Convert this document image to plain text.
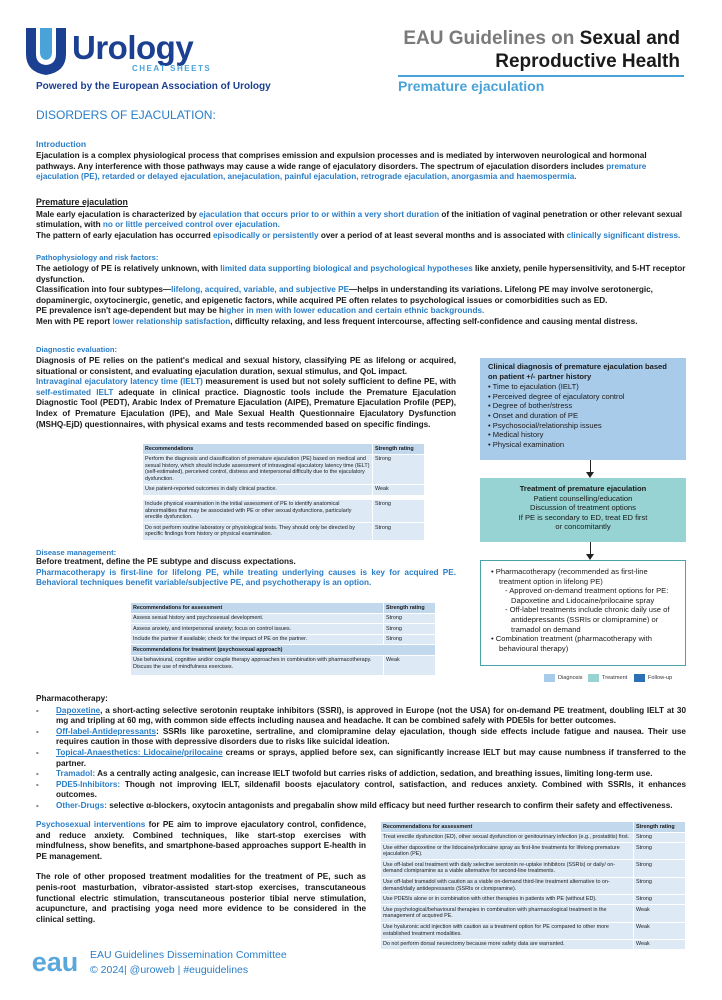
Urology
CHEAT SHEETS
Powered by the European Association of Urology
EAU Guidelines on Sexual and
Reproductive Health
Premature ejaculation
DISORDERS OF EJACULATION:
Introduction

Ejaculation is a complex physiological process that comprises emission and expulsion processes and is mediated by interwoven neurological and hormonal pathways. Any interference with those pathways may cause a wide range of ejaculatory disorders. The spectrum of ejaculation disorders includes premature ejaculation (PE), retarded or delayed ejaculation, anejaculation, painful ejaculation, retrograde ejaculation, anorgasmia and haemospermia.

Premature ejaculation

Male early ejaculation is characterized by ejaculation that occurs prior to or within a very short duration of the initiation of vaginal penetration or other relevant sexual stimulation, with no or little perceived control over ejaculation.

The pattern of early ejaculation has occurred episodically or persistently over a period of at least several months and is associated with clinically significant distress.

Pathophysiology and risk factors:

The aetiology of PE is relatively unknown, with limited data supporting biological and psychological hypotheses like anxiety, penile hypersensitivity, and 5-HT receptor dysfunction.

Classification into four subtypes—lifelong, acquired, variable, and subjective PE—helps in understanding its variations. Lifelong PE may involve serotonergic, dopaminergic, oxytocinergic, genetic, and epigenetic factors, while acquired PE often relates to psychological issues or comorbidities such as ED.

PE prevalence isn't age-dependent but may be higher in men with lower education and certain ethnic backgrounds.

Men with PE report lower relationship satisfaction, difficulty relaxing, and less frequent intercourse, affecting self-confidence and causing mental distress.

Diagnostic evaluation:

Diagnosis of PE relies on the patient's medical and sexual history, classifying PE as lifelong or acquired, situational or consistent, and evaluating ejaculation duration, sexual stimulus, and QoL impact.

Intravaginal ejaculatory latency time (IELT) measurement is used but not solely sufficient to define PE, with self-estimated IELT adequate in clinical practice. Diagnostic tools include the Premature Ejaculation Diagnostic Tool (PEDT), Arabic Index of Premature Ejaculation (AIPE), Premature Ejaculation Profile (PEP), Index of Premature Ejaculation (IPE), and Male Sexual Health Questionnaire Ejaculatory Dysfunction (MSHQ-EjD) questionnaires, with physical exams and tests recommended based on specific findings.

Recommendations	Strength rating
Perform the diagnosis and classification of premature ejaculation (PE) based on medical and sexual history, which should include assessment of intravaginal ejaculatory latency time (IELT) (self-estimated), perceived control, distress and interpersonal difficulty due to the ejaculatory dysfunction.	Strong
Use patient-reported outcomes in daily clinical practice.	Weak

Include physical examination in the initial assessment of PE to identify anatomical abnormalities that may be associated with PE or other sexual dysfunctions, particularly erectile dysfunction.	Strong
Do not perform routine laboratory or physiological tests. They should only be directed by specific findings from history or physical examination.	Strong
Disease management:

Before treatment, define the PE subtype and discuss expectations.

Pharmacotherapy is first-line for lifelong PE, while treating underlying causes is key for acquired PE. Behavioral techniques benefit variable/subjective PE, and psychotherapy is an option.

Recommendations for assessment	Strength rating
Assess sexual history and psychosexual development.	Strong
Assess anxiety, and interpersonal anxiety; focus on control issues.	Strong
Include the partner if available; check for the impact of PE on the partner.	Strong
Recommendations for treatment (psychosexual approach)	
Use behavioural, cognitive and/or couple therapy approaches in combination with pharmacotherapy. Discuss the use of mindfulness exercises.	Weak
Clinical diagnosis of premature ejaculation based on patient +/- partner history
• Time to ejaculation (IELT)
• Perceived degree of ejaculatory control
• Degree of bother/stress
• Onset and duration of PE
• Psychosocial/relationship issues
• Medical history
• Physical examination
Treatment of premature ejaculation
Patient counselling/education
Discussion of treatment options
If PE is secondary to ED, treat ED first
or concomitantly
• Pharmacotherapy (recommended as first-line treatment option in lifelong PE)
- Approved on-demand treatment options for PE: Dapoxetine and Lidocaine/prilocaine spray
- Off-label treatments include chronic daily use of antidepressants (SSRIs or clomipramine) or tramadol on demand
• Combination treatment (pharmacotherapy with behavioural therapy)
Diagnosis	Treatment	Follow-up
Pharmacotherapy:
-	Dapoxetine, a short-acting selective serotonin reuptake inhibitors (SSRI), is approved in Europe (not the USA) for on-demand PE treatment, doubling IELT at 30 mg and tripling at 60 mg, with common side effects including nausea and headache. It can be combined safely with PDE5Is for better outcomes.
-	Off-label-Antidepressants: SSRIs like paroxetine, sertraline, and clomipramine delay ejaculation, though side effects include fatigue and nausea. Their use requires caution in those with depressive disorders due to risks like suicidal ideation.
-	Topical-Anaesthetics: Lidocaine/prilocaine creams or sprays, applied before sex, can significantly increase IELT but may cause numbness if transferred to the partner.
-	Tramadol: As a centrally acting analgesic, can increase IELT twofold but carries risks of addiction, sedation, and breathing issues, limiting long-term use.
-	PDE5-Inhibitors: Though not improving IELT, sildenafil boosts ejaculatory control, satisfaction, and reduces anxiety. Combined with SSRIs, it enhances outcomes.
-	Other-Drugs: selective α-blockers, oxytocin antagonists and pregabalin show mild efficacy but need further research to confirm their safety and effectiveness.

Psychosexual interventions for PE aim to improve ejaculatory control, confidence, and reduce anxiety. Combined techniques, like start-stop exercises with mindfulness, show benefits, and smartphone-based approaches support E-health in PE management.

The role of other proposed treatment modalities for the treatment of PE, such as penis-root masturbation, vibrator-assisted start-stop exercises, transcutaneous functional electric stimulation, transcutaneous posterior tibial nerve stimulation, acupuncture, and practising yoga need more evidence to be considered in the clinical setting.

Recommendations for assessment	Strength rating
Treat erectile dysfunction (ED), other sexual dysfunction or genitourinary infection (e.g., prostatitis) first.	Strong
Use either dapoxetine or the lidocaine/prilocaine spray as first-line treatments for lifelong premature ejaculation (PE).	Strong
Use off-label oral treatment with daily selective serotonin re-uptake inhibitors (SSRIs) or daily/ on-demand clomipramine as a viable alternative for second-line treatments.	Strong
Use off-label tramadol with caution as a viable on-demand third-line treatment alternative to on-demand/daily antidepressants (SSRIs or clomipramine).	Strong
Use PDE5Is alone or in combination with other therapies in patients with PE (without ED).	Strong
Use psychological/behavioural therapies in combination with pharmacological treatment in the management of acquired PE.	Weak
Use hyaluronic acid injection with caution as a treatment option for PE compared to other more established treatment modalities.	Weak
Do not perform dorsal neurectomy because more safety data are warranted.	Weak
eau EAU Guidelines Dissemination Committee
© 2024| @uroweb | #euguidelines
